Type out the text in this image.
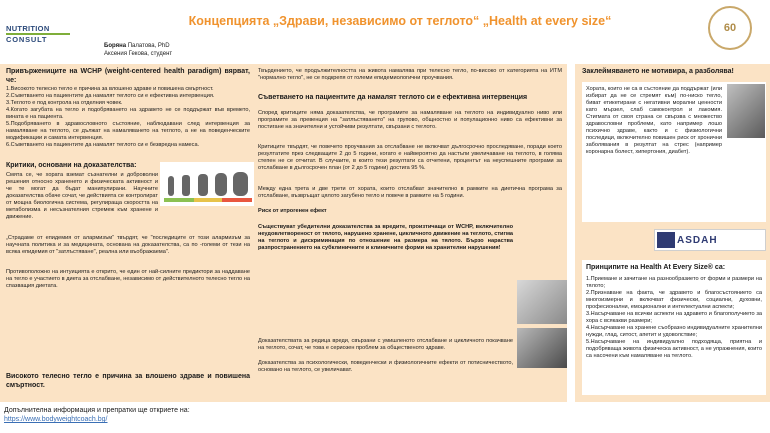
NUTRITION
CONSULT
Концепцията „Здрави, независимо от теглото“ „Health at every size“
Боряна Палатова, PhD
Аксения Гекова, студент
60
Привържениците на WCHP (weight-centered health paradigm) вярват, че:
1.Високото телесно тегло е причина за влошено здраве и повишена смъртност.
2.Съветването на пациентите да намалят теглото си е ефективна интервенция.
3.Теглото е под контрола на отделния човек.
4.Когато загубата на тегло и подобряването на здравето не се поддържат във времето, вината е на пациента.
5.Подобряването в здравословното състояние, наблюдавани след интервенция за намаляване на теглото, се дължат на намаляването на теглото, а не на поведенческите модификации и самата интервенция.
6.Съветването на пациентите да намалят теглото си е безвредна намеса.
Критики, основани на доказателства:
Смята се, че хората вземат съзнателни и доброволни решения относно храненето и физическата активност и че те могат да бъдат манипулирани. Научните доказателства обаче сочат, че действията се контролират от мощна биологична система, регулираща скоростта на метаболизма и несъзнателния стремеж към хранене и движение.
„Страдаме от епидемия от алармизъм“ твърдят, че "последиците от този алармизъм за научната политика и за медицината, основана на доказателства, са по -големи от тези на всяка епидемия от "затлъстяване", реална или въображаема".
Противоположно на интуицията е открито, че един от най-силните предиктори за наддаване на тегло е участието в диета за отслабване, независимо от действителното телесно тегло на спазващия диетата.
Високото телесно тегло е причина за влошено здраве и повишена смъртност.
Твърдението, че продължителността на живота намалява при телесно тегло, по-високо от категорията на ИТМ "нормално тегло", не се подкрепя от големи епидемиологични проучвания.
Съветването на пациентите да намалят теглото си е ефективна интервенция
Според критиците няма доказателства, че програмите за намаляване на теглото на индивидуално ниво или програмите за превенция на "затлъстяването" на групово, общностно и популационно ниво са ефективни за постигане на значителни и устойчиви резултати, свързани с теглото.
Критиците твърдят, че повечето проучвания за отслабване не включват дългосрочно проследяване, поради което резултатите през следващите 2 до 5 години, когато е найвероятно да настъпи увеличаване на теглото, в голяма степен не се отчитат. В случаите, в които тези резултати са отчетени, процентът на неуспешните програми за отслабване в дългосрочен план (от 2 до 5 години) достига 95 %.
Между една трета и две трети от хората, които отслабват значително в рамките на диетична програма за отслабване, възвръщат цялото загубено тегло и повече в рамките на 5 години.
Риск от итрогенен ефект
Съществуват убедителни доказателства за вредите, произтичащи от WCHP, включително неудовлетвореност от тялото, нарушено хранене, цикличното движение на теглото, стигма на теглото и дискриминация по отношение на размера на тялото. Бързо нараства разпространението на субклиничните и клиничните форми на хранителни нарушения!
Доказателствата за редица вреди, свързани с умишленото отслабване и цикличното покачване на теглото, сочат, че това е сериозен проблем за общественото здраве.
Доказателства за психологически, поведенчески и физиологичните ефекти от потисничеството, основано на теглото, се увеличават.
Заклеймяването не мотивира, а разболява!
Хората, които не са в състояние да поддържат (или избират да не се стремят към) по-ниско тегло, биват етикетирани с негативни морални ценности като мързел, слаб самоконтрол и лакомия. Стигмата от своя страна се свързва с множество здравословни проблеми, като например лошо психично здраве, както и с физиологични последици, включително повишен риск от хронични заболявания в резултат на стрес (например коронарна болест, хипертония, диабет).
ASDAH
Принципите на Health At Every Size® са:
1.Приемане и зачитане на разнообразието от форми и размери на тялото;
2.Признаване на факта, че здравето и благосъстоянието са многоизмерни и включват физически, социални, духовни, професионални, емоционални и интелектуални аспекти;
3.Насърчаване на всички аспекти на здравето и благополучието за хора с всякакви размери;
4.Насърчаване на хранене съобразно индивидуалните хранителни нужди, глад, ситост, апетит и удоволствие;
5.Насърчаване на индивидуално подходяща, приятна и подобряваща живота физическа активност, а не упражнения, които са насочени към намаляване на теглото.
Допълнителна информация и препратки ще откриете на:
https://www.bodyweightcoach.bg/
